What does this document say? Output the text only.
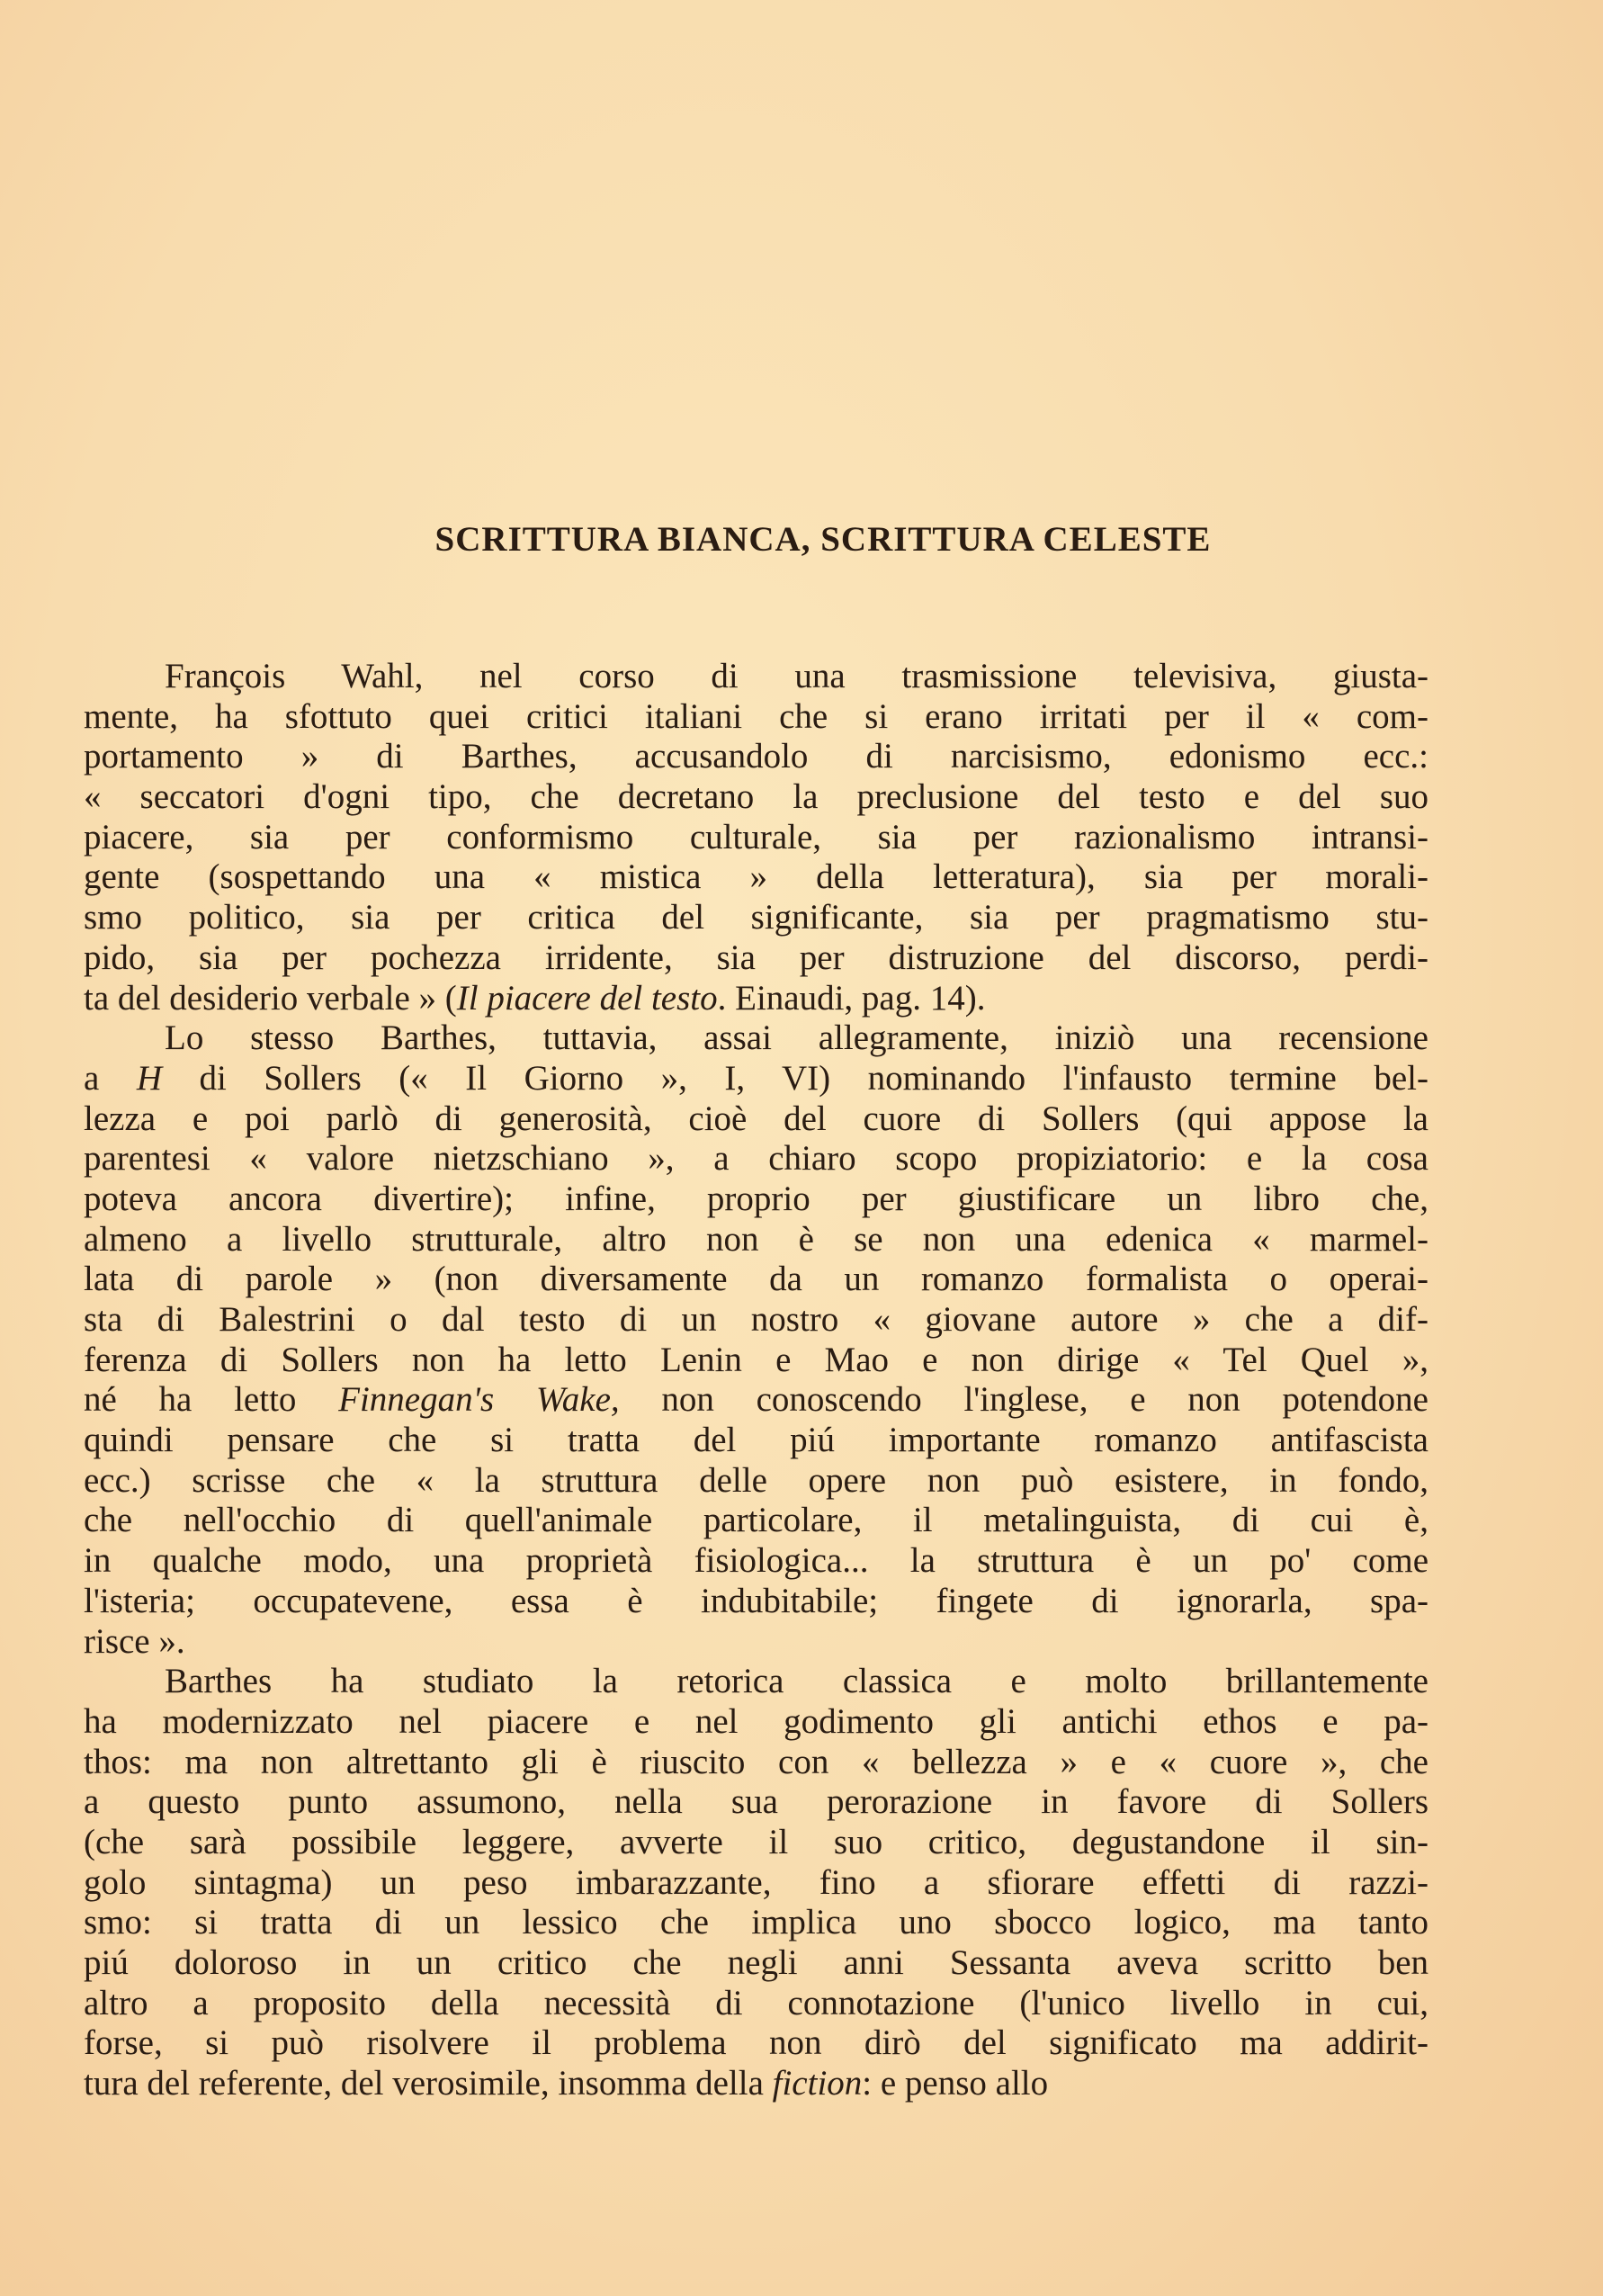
SCRITTURA BIANCA, SCRITTURA CELESTE
François Wahl, nel corso di una trasmissione televisiva, giusta-
mente, ha sfottuto quei critici italiani che si erano irritati per il « com-
portamento » di Barthes, accusandolo di narcisismo, edonismo ecc.:
« seccatori d'ogni tipo, che decretano la preclusione del testo e del suo
piacere, sia per conformismo culturale, sia per razionalismo intransi-
gente (sospettando una « mistica » della letteratura), sia per morali-
smo politico, sia per critica del significante, sia per pragmatismo stu-
pido, sia per pochezza irridente, sia per distruzione del discorso, perdi-
ta del desiderio verbale » (Il piacere del testo. Einaudi, pag. 14).
Lo stesso Barthes, tuttavia, assai allegramente, iniziò una recensione
a H di Sollers (« Il Giorno », I, VI) nominando l'infausto termine bel-
lezza e poi parlò di generosità, cioè del cuore di Sollers (qui appose la
parentesi « valore nietzschiano », a chiaro scopo propiziatorio: e la cosa
poteva ancora divertire); infine, proprio per giustificare un libro che,
almeno a livello strutturale, altro non è se non una edenica « marmel-
lata di parole » (non diversamente da un romanzo formalista o operai-
sta di Balestrini o dal testo di un nostro « giovane autore » che a dif-
ferenza di Sollers non ha letto Lenin e Mao e non dirige « Tel Quel »,
né ha letto Finnegan's Wake, non conoscendo l'inglese, e non potendone
quindi pensare che si tratta del piú importante romanzo antifascista
ecc.) scrisse che « la struttura delle opere non può esistere, in fondo,
che nell'occhio di quell'animale particolare, il metalinguista, di cui è,
in qualche modo, una proprietà fisiologica... la struttura è un po' come
l'isteria; occupatevene, essa è indubitabile; fingete di ignorarla, spa-
risce ».
Barthes ha studiato la retorica classica e molto brillantemente
ha modernizzato nel piacere e nel godimento gli antichi ethos e pa-
thos: ma non altrettanto gli è riuscito con « bellezza » e « cuore », che
a questo punto assumono, nella sua perorazione in favore di Sollers
(che sarà possibile leggere, avverte il suo critico, degustandone il sin-
golo sintagma) un peso imbarazzante, fino a sfiorare effetti di razzi-
smo: si tratta di un lessico che implica uno sbocco logico, ma tanto
piú doloroso in un critico che negli anni Sessanta aveva scritto ben
altro a proposito della necessità di connotazione (l'unico livello in cui,
forse, si può risolvere il problema non dirò del significato ma addirit-
tura del referente, del verosimile, insomma della fiction: e penso allo
